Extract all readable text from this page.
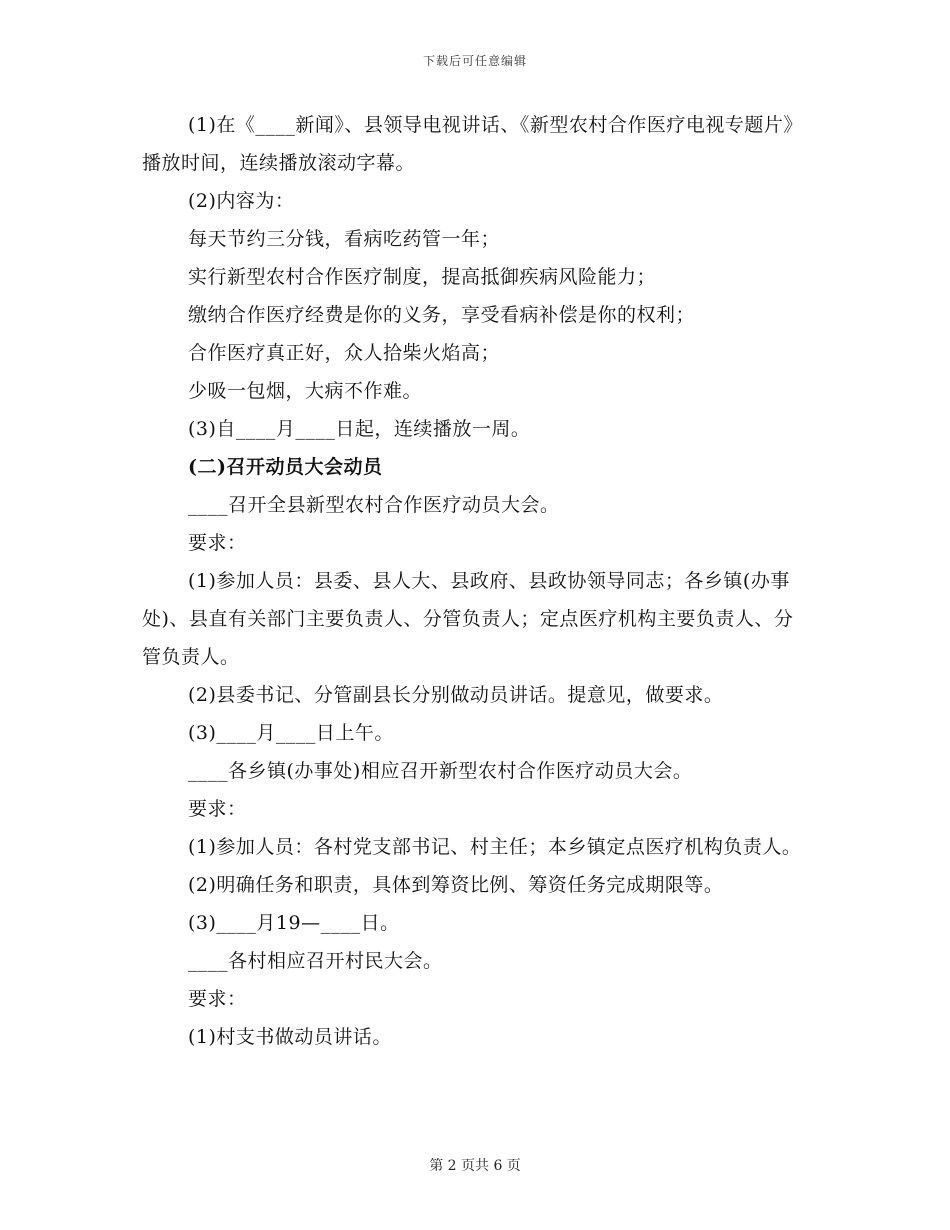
下载后可任意编辑

(1)在《____新闻》、县领导电视讲话、《新型农村合作医疗电视专题片》播放时间，连续播放滚动字幕。

(2)内容为：

每天节约三分钱，看病吃药管一年；

实行新型农村合作医疗制度，提高抵御疾病风险能力；

缴纳合作医疗经费是你的义务，享受看病补偿是你的权利；

合作医疗真正好，众人拾柴火焰高；

少吸一包烟，大病不作难。

(3)自____月____日起，连续播放一周。

(二)召开动员大会动员

____召开全县新型农村合作医疗动员大会。

要求：

(1)参加人员：县委、县人大、县政府、县政协领导同志；各乡镇(办事处)、县直有关部门主要负责人、分管负责人；定点医疗机构主要负责人、分管负责人。

(2)县委书记、分管副县长分别做动员讲话。提意见，做要求。

(3)____月____日上午。

____各乡镇(办事处)相应召开新型农村合作医疗动员大会。

要求：

(1)参加人员：各村党支部书记、村主任；本乡镇定点医疗机构负责人。

(2)明确任务和职责，具体到筹资比例、筹资任务完成期限等。

(3)____月19—____日。

____各村相应召开村民大会。

要求：

(1)村支书做动员讲话。

第 2 页共 6 页
